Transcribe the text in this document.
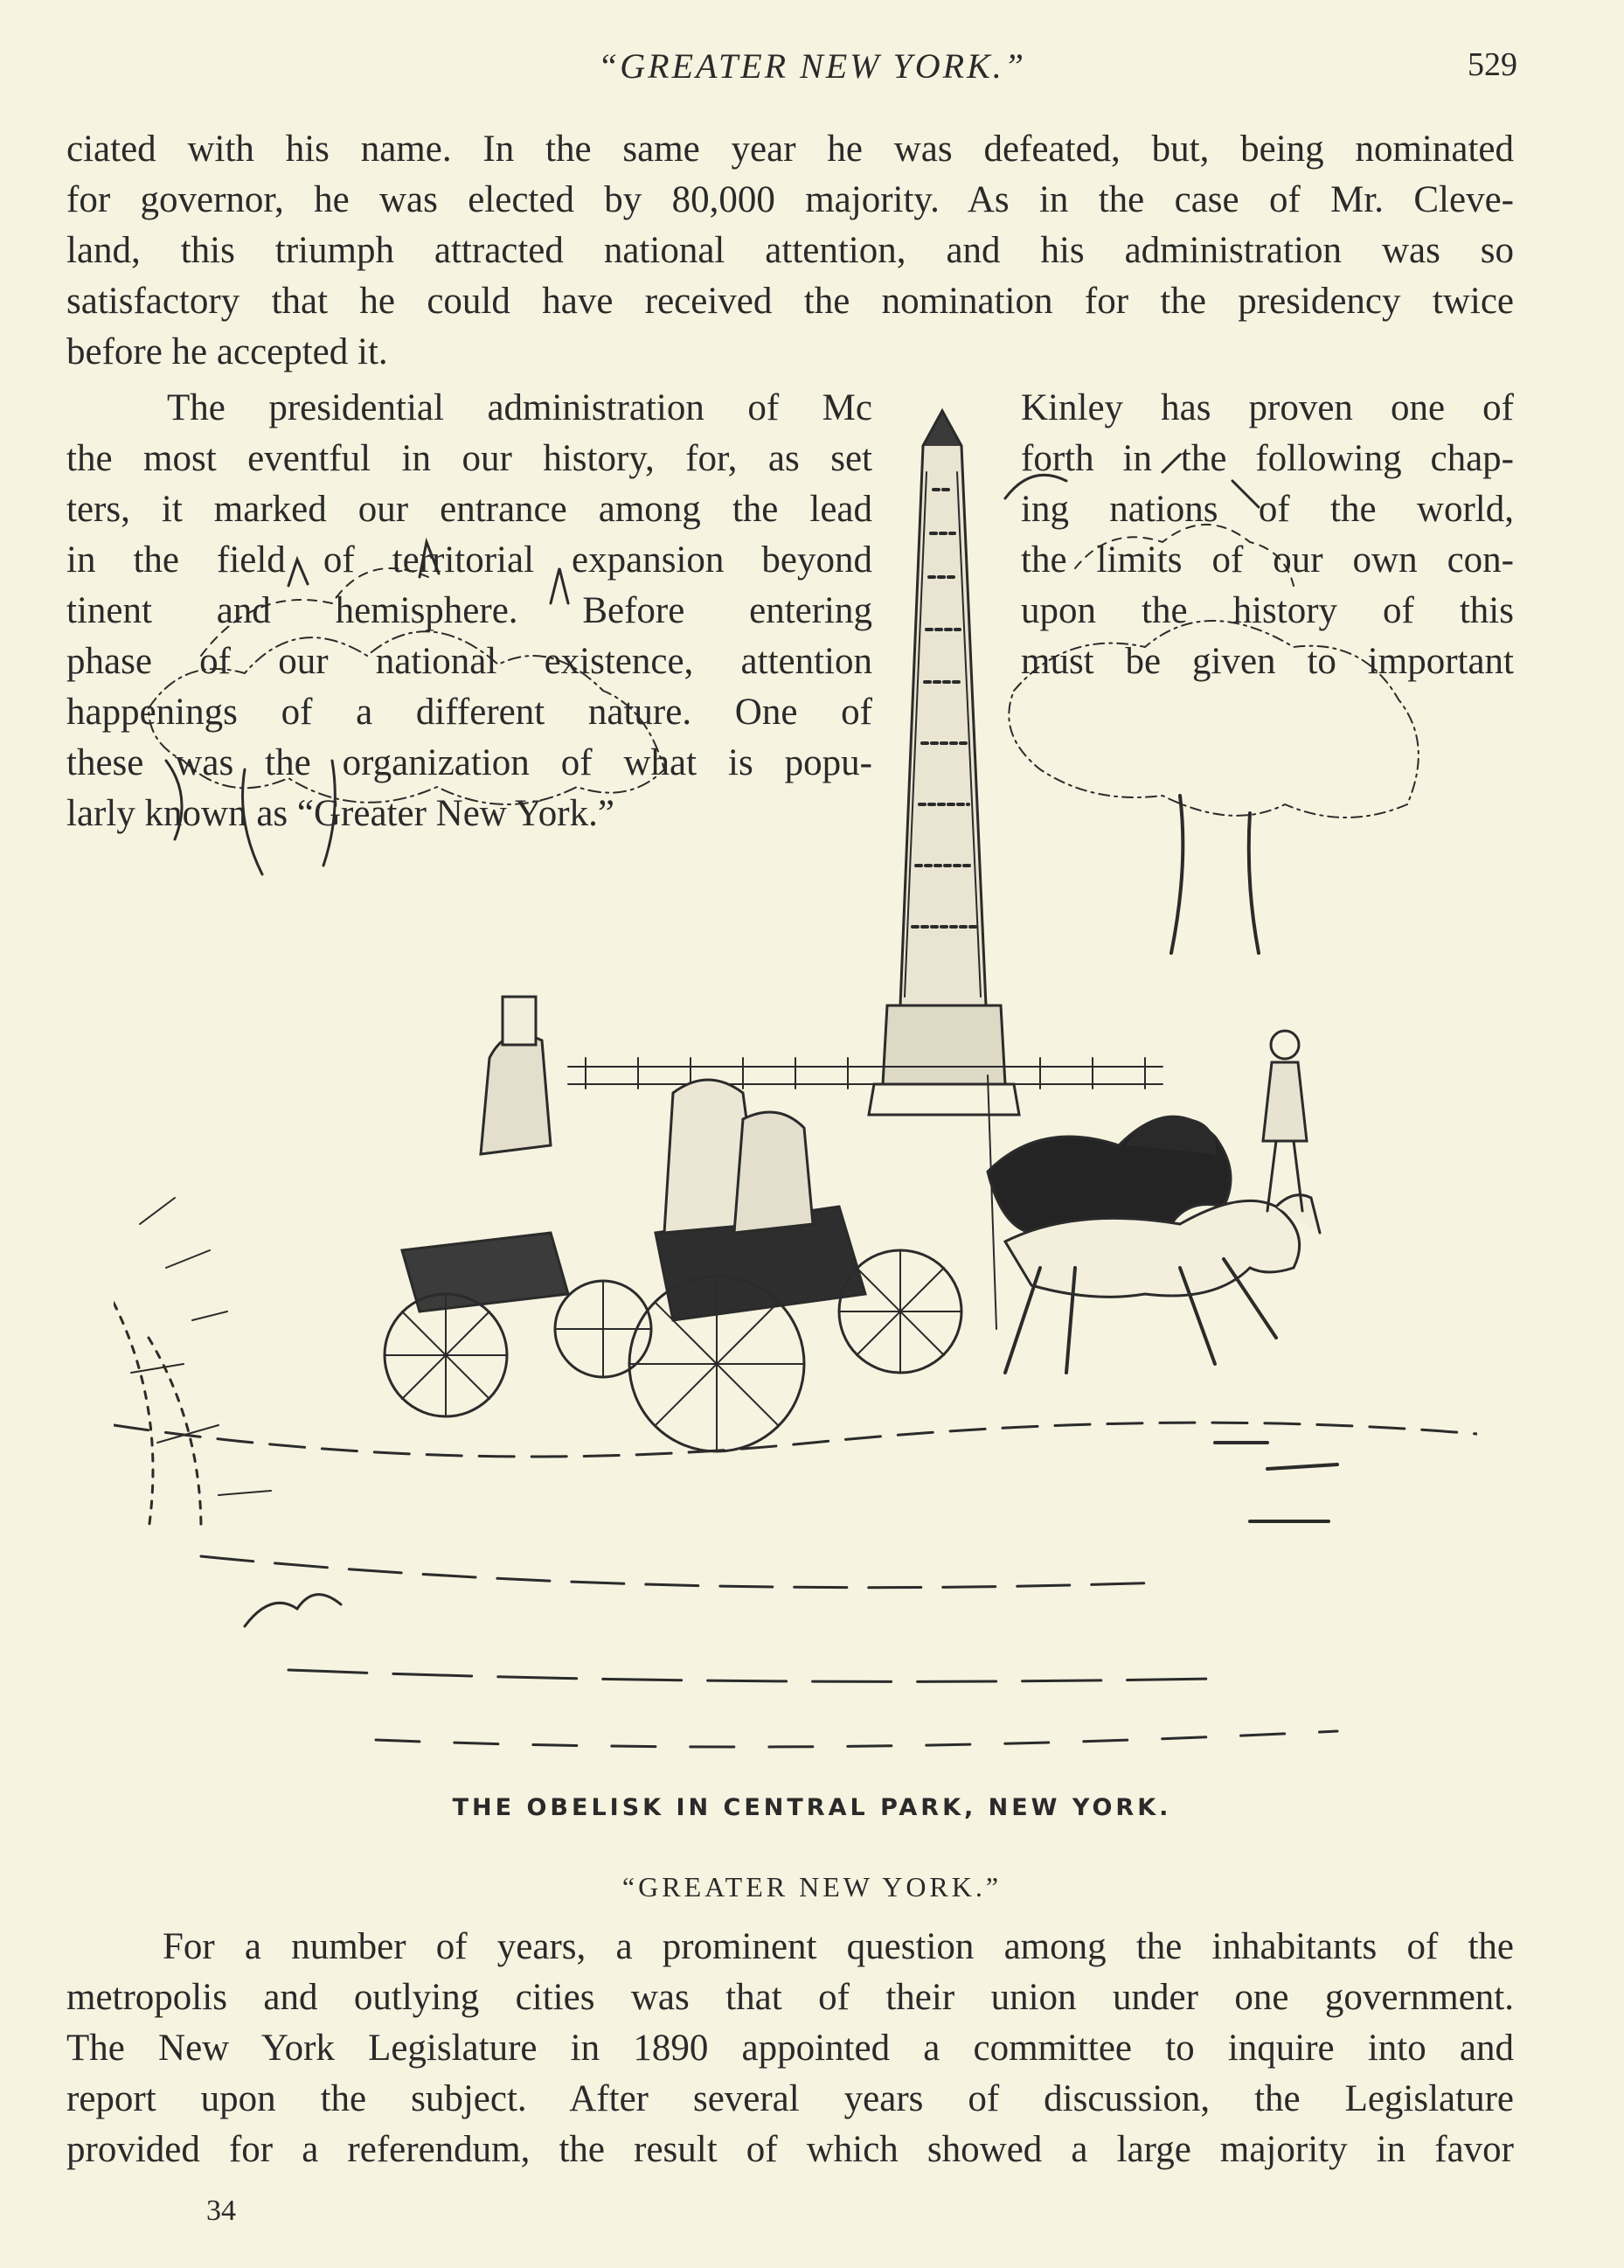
“GREATER NEW YORK.”	529

ciated with his name. In the same year he was defeated, but, being nominated
for governor, he was elected by 80,000 majority. As in the case of Mr. Cleve-
land, this triumph attracted national attention, and his administration was so
satisfactory that he could have received the nomination for the presidency twice
before he accepted it.

The presidential administration of Mc
the most eventful in our history, for, as set
ters, it marked our entrance among the lead
in the field of territorial expansion beyond
tinent and hemisphere. Before entering
phase of our national existence, attention
happenings of a different nature. One of
these was the organization of what is popu-
larly known as “Greater New York.”

Kinley has proven one of
forth in the following chap-
ing nations of the world,
the limits of our own con-
upon the history of this
must be given to important

THE OBELISK IN CENTRAL PARK, NEW YORK.
“GREATER NEW YORK.”

For a number of years, a prominent question among the inhabitants of the
metropolis and outlying cities was that of their union under one government.
The New York Legislature in 1890 appointed a committee to inquire into and
report upon the subject. After several years of discussion, the Legislature
provided for a referendum, the result of which showed a large majority in favor

34
